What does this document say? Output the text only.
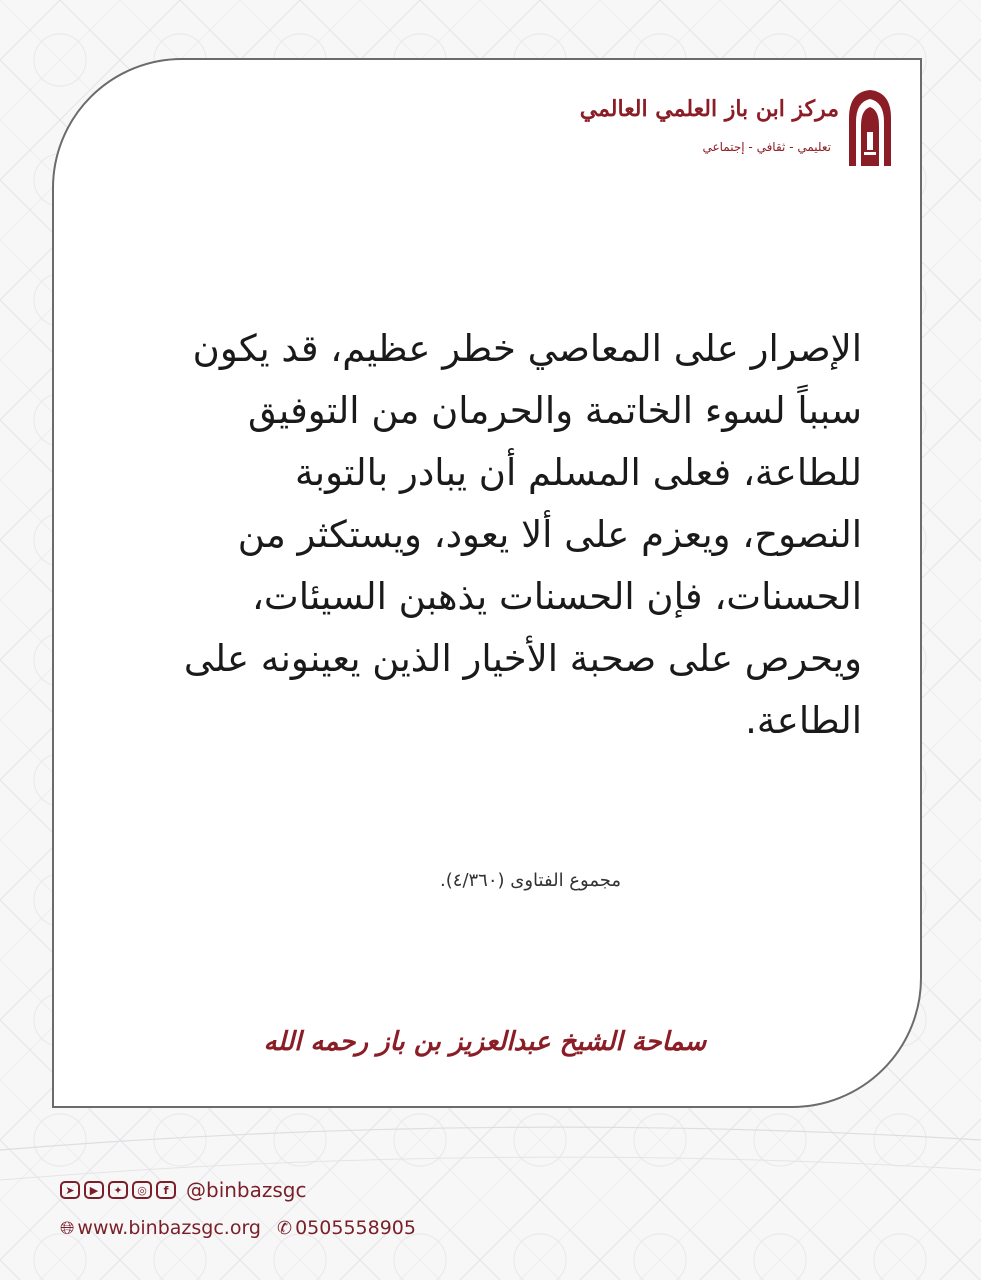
مركز ابن باز العلمي العالمي
تعليمي - ثقافي - إجتماعي
الإصرار على المعاصي خطر عظيم، قد يكون
سبباً لسوء الخاتمة والحرمان من التوفيق
للطاعة، فعلى المسلم أن يبادر بالتوبة
النصوح، ويعزم على ألا يعود، ويستكثر من
الحسنات، فإن الحسنات يذهبن السيئات،
ويحرص على صحبة الأخيار الذين يعينونه على
الطاعة.
مجموع الفتاوى (٤/٣٦٠).
سماحة الشيخ عبدالعزيز بن باز رحمه الله
➤	▶	✦	◎	f @binbazsgc
🌐︎ www.binbazsgc.org ✆ 0505558905
